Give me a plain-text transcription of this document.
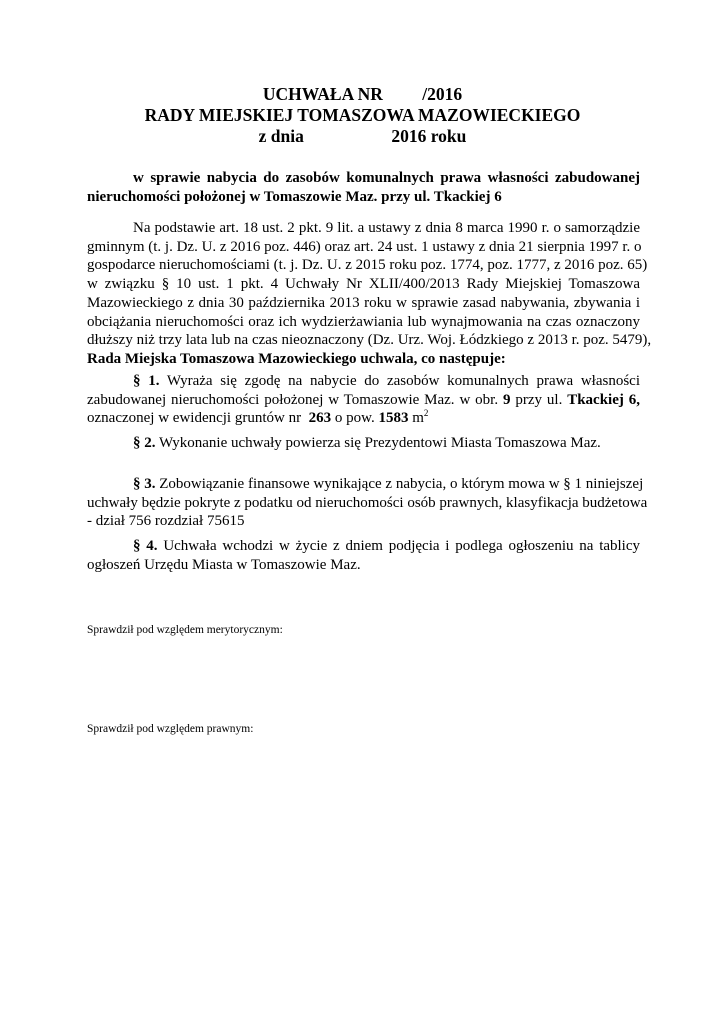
UCHWAŁA NR         /2016
RADY MIEJSKIEJ TOMASZOWA MAZOWIECKIEGO
z dnia                    2016 roku
w sprawie nabycia do zasobów komunalnych prawa własności zabudowanej
nieruchomości położonej w Tomaszowie Maz. przy ul. Tkackiej 6
Na podstawie art. 18 ust. 2 pkt. 9 lit. a ustawy z dnia 8 marca 1990 r. o samorządzie
gminnym (t. j. Dz. U. z 2016 poz. 446) oraz art. 24 ust. 1 ustawy z dnia 21 sierpnia 1997 r. o
gospodarce nieruchomościami (t. j. Dz. U. z 2015 roku poz. 1774, poz. 1777, z 2016 poz. 65)
w związku § 10 ust. 1 pkt. 4 Uchwały Nr XLII/400/2013 Rady Miejskiej Tomaszowa
Mazowieckiego z dnia 30 października 2013 roku w sprawie zasad nabywania, zbywania i
obciążania nieruchomości oraz ich wydzierżawiania lub wynajmowania na czas oznaczony
dłuższy niż trzy lata lub na czas nieoznaczony (Dz. Urz. Woj. Łódzkiego z 2013 r. poz. 5479),
Rada Miejska Tomaszowa Mazowieckiego uchwala, co następuje:
§ 1. Wyraża się zgodę na nabycie do zasobów komunalnych prawa własności
zabudowanej nieruchomości położonej w Tomaszowie Maz. w obr. 9 przy ul. Tkackiej 6,
oznaczonej w ewidencji gruntów nr 263 o pow. 1583 $m^2$
§ 2. Wykonanie uchwały powierza się Prezydentowi Miasta Tomaszowa Maz.
§ 3. Zobowiązanie finansowe wynikające z nabycia, o którym mowa w § 1 niniejszej
uchwały będzie pokryte z podatku od nieruchomości osób prawnych, klasyfikacja budżetowa
- dział 756 rozdział 75615
§ 4. Uchwała wchodzi w życie z dniem podjęcia i podlega ogłoszeniu na tablicy
ogłoszeń Urzędu Miasta w Tomaszowie Maz.
Sprawdził pod względem merytorycznym:
Sprawdził pod względem prawnym:
